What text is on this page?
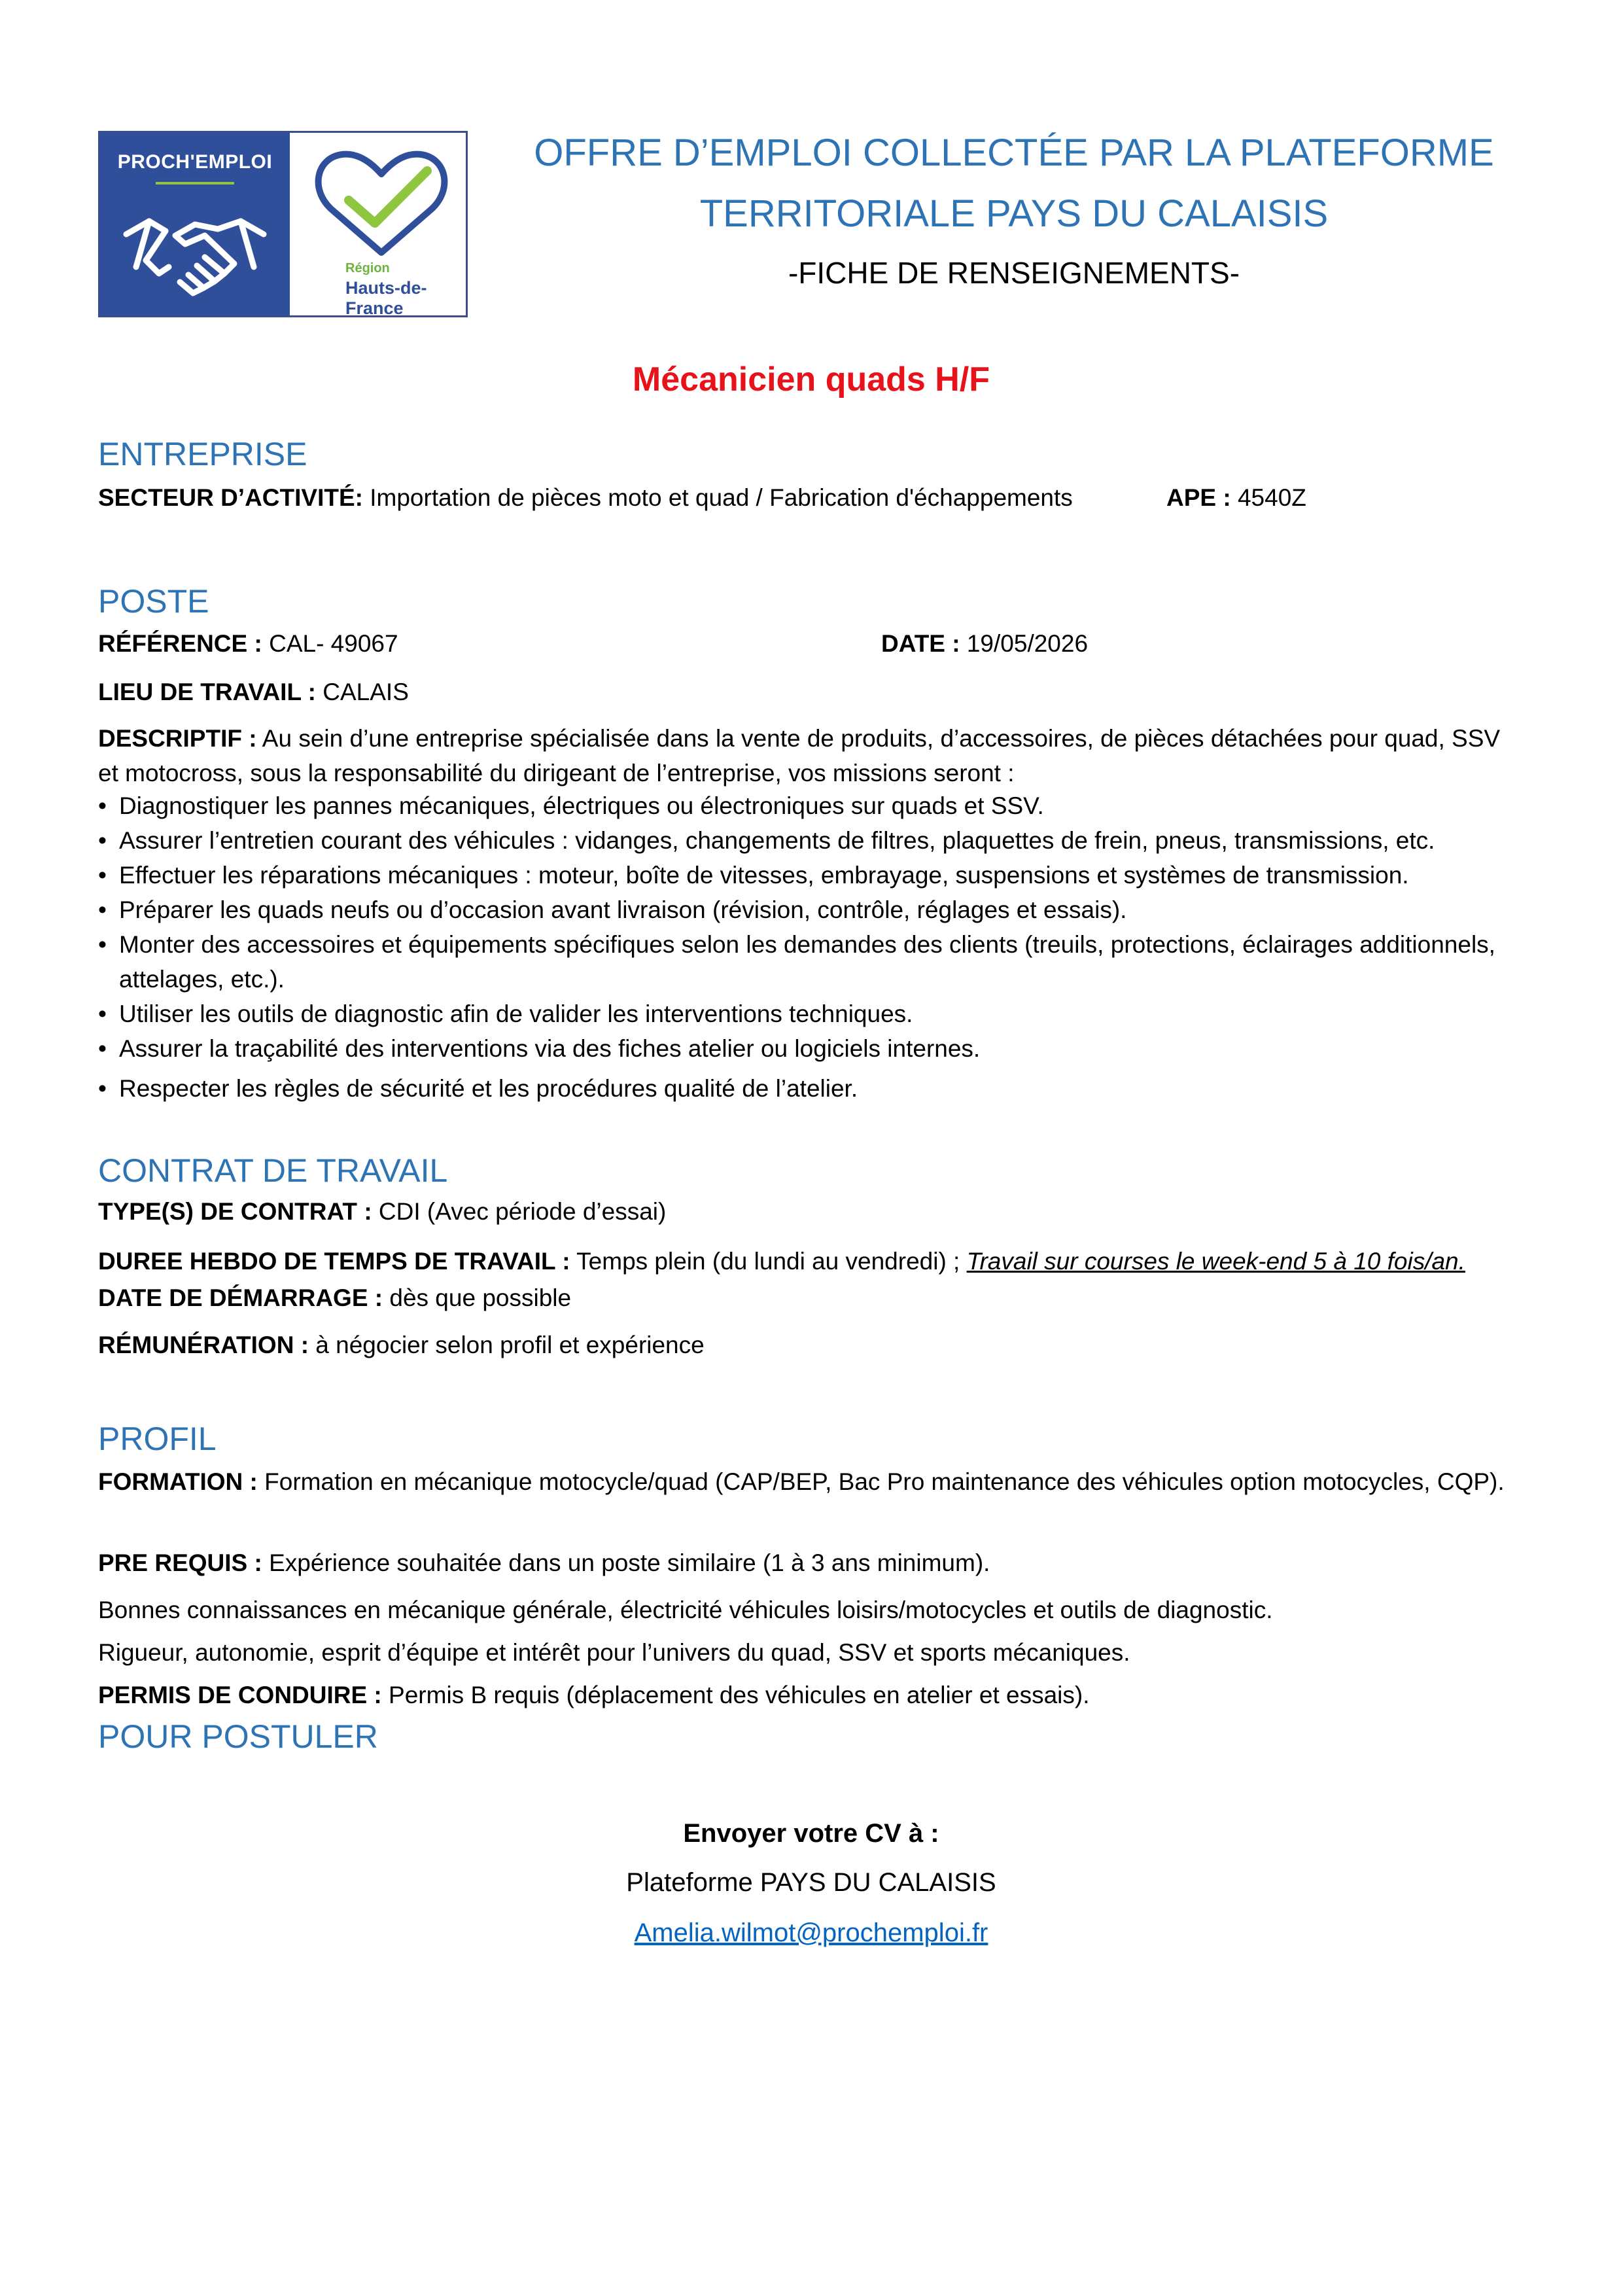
PROCH'EMPLOI
Région
Hauts-de-France
OFFRE D’EMPLOI COLLECTÉE PAR LA PLATEFORME
TERRITORIALE PAYS DU CALAISIS
-FICHE DE RENSEIGNEMENTS-
Mécanicien quads H/F
ENTREPRISE
SECTEUR D’ACTIVITÉ: Importation de pièces moto et quad / Fabrication d'échappements	APE : 4540Z
POSTE
RÉFÉRENCE : CAL- 49067	DATE : 19/05/2026
LIEU DE TRAVAIL : CALAIS
DESCRIPTIF : Au sein d’une entreprise spécialisée dans la vente de produits, d’accessoires, de pièces détachées pour quad, SSV et motocross, sous la responsabilité du dirigeant de l’entreprise, vos missions seront :
• Diagnostiquer les pannes mécaniques, électriques ou électroniques sur quads et SSV.
• Assurer l’entretien courant des véhicules : vidanges, changements de filtres, plaquettes de frein, pneus, transmissions, etc.
• Effectuer les réparations mécaniques : moteur, boîte de vitesses, embrayage, suspensions et systèmes de transmission.
• Préparer les quads neufs ou d’occasion avant livraison (révision, contrôle, réglages et essais).
• Monter des accessoires et équipements spécifiques selon les demandes des clients (treuils, protections, éclairages additionnels, attelages, etc.).
• Utiliser les outils de diagnostic afin de valider les interventions techniques.
• Assurer la traçabilité des interventions via des fiches atelier ou logiciels internes.
• Respecter les règles de sécurité et les procédures qualité de l’atelier.
CONTRAT DE TRAVAIL
TYPE(S) DE CONTRAT : CDI (Avec période d’essai)
DUREE HEBDO DE TEMPS DE TRAVAIL : Temps plein (du lundi au vendredi) ; Travail sur courses le week-end 5 à 10 fois/an.
DATE DE DÉMARRAGE : dès que possible
RÉMUNÉRATION : à négocier selon profil et expérience
PROFIL
FORMATION : Formation en mécanique motocycle/quad (CAP/BEP, Bac Pro maintenance des véhicules option motocycles, CQP).
PRE REQUIS : Expérience souhaitée dans un poste similaire (1 à 3 ans minimum).
Bonnes connaissances en mécanique générale, électricité véhicules loisirs/motocycles et outils de diagnostic.
Rigueur, autonomie, esprit d’équipe et intérêt pour l’univers du quad, SSV et sports mécaniques.
PERMIS DE CONDUIRE : Permis B requis (déplacement des véhicules en atelier et essais).
POUR POSTULER
Envoyer votre CV à :
Plateforme PAYS DU CALAISIS
Amelia.wilmot@prochemploi.fr
